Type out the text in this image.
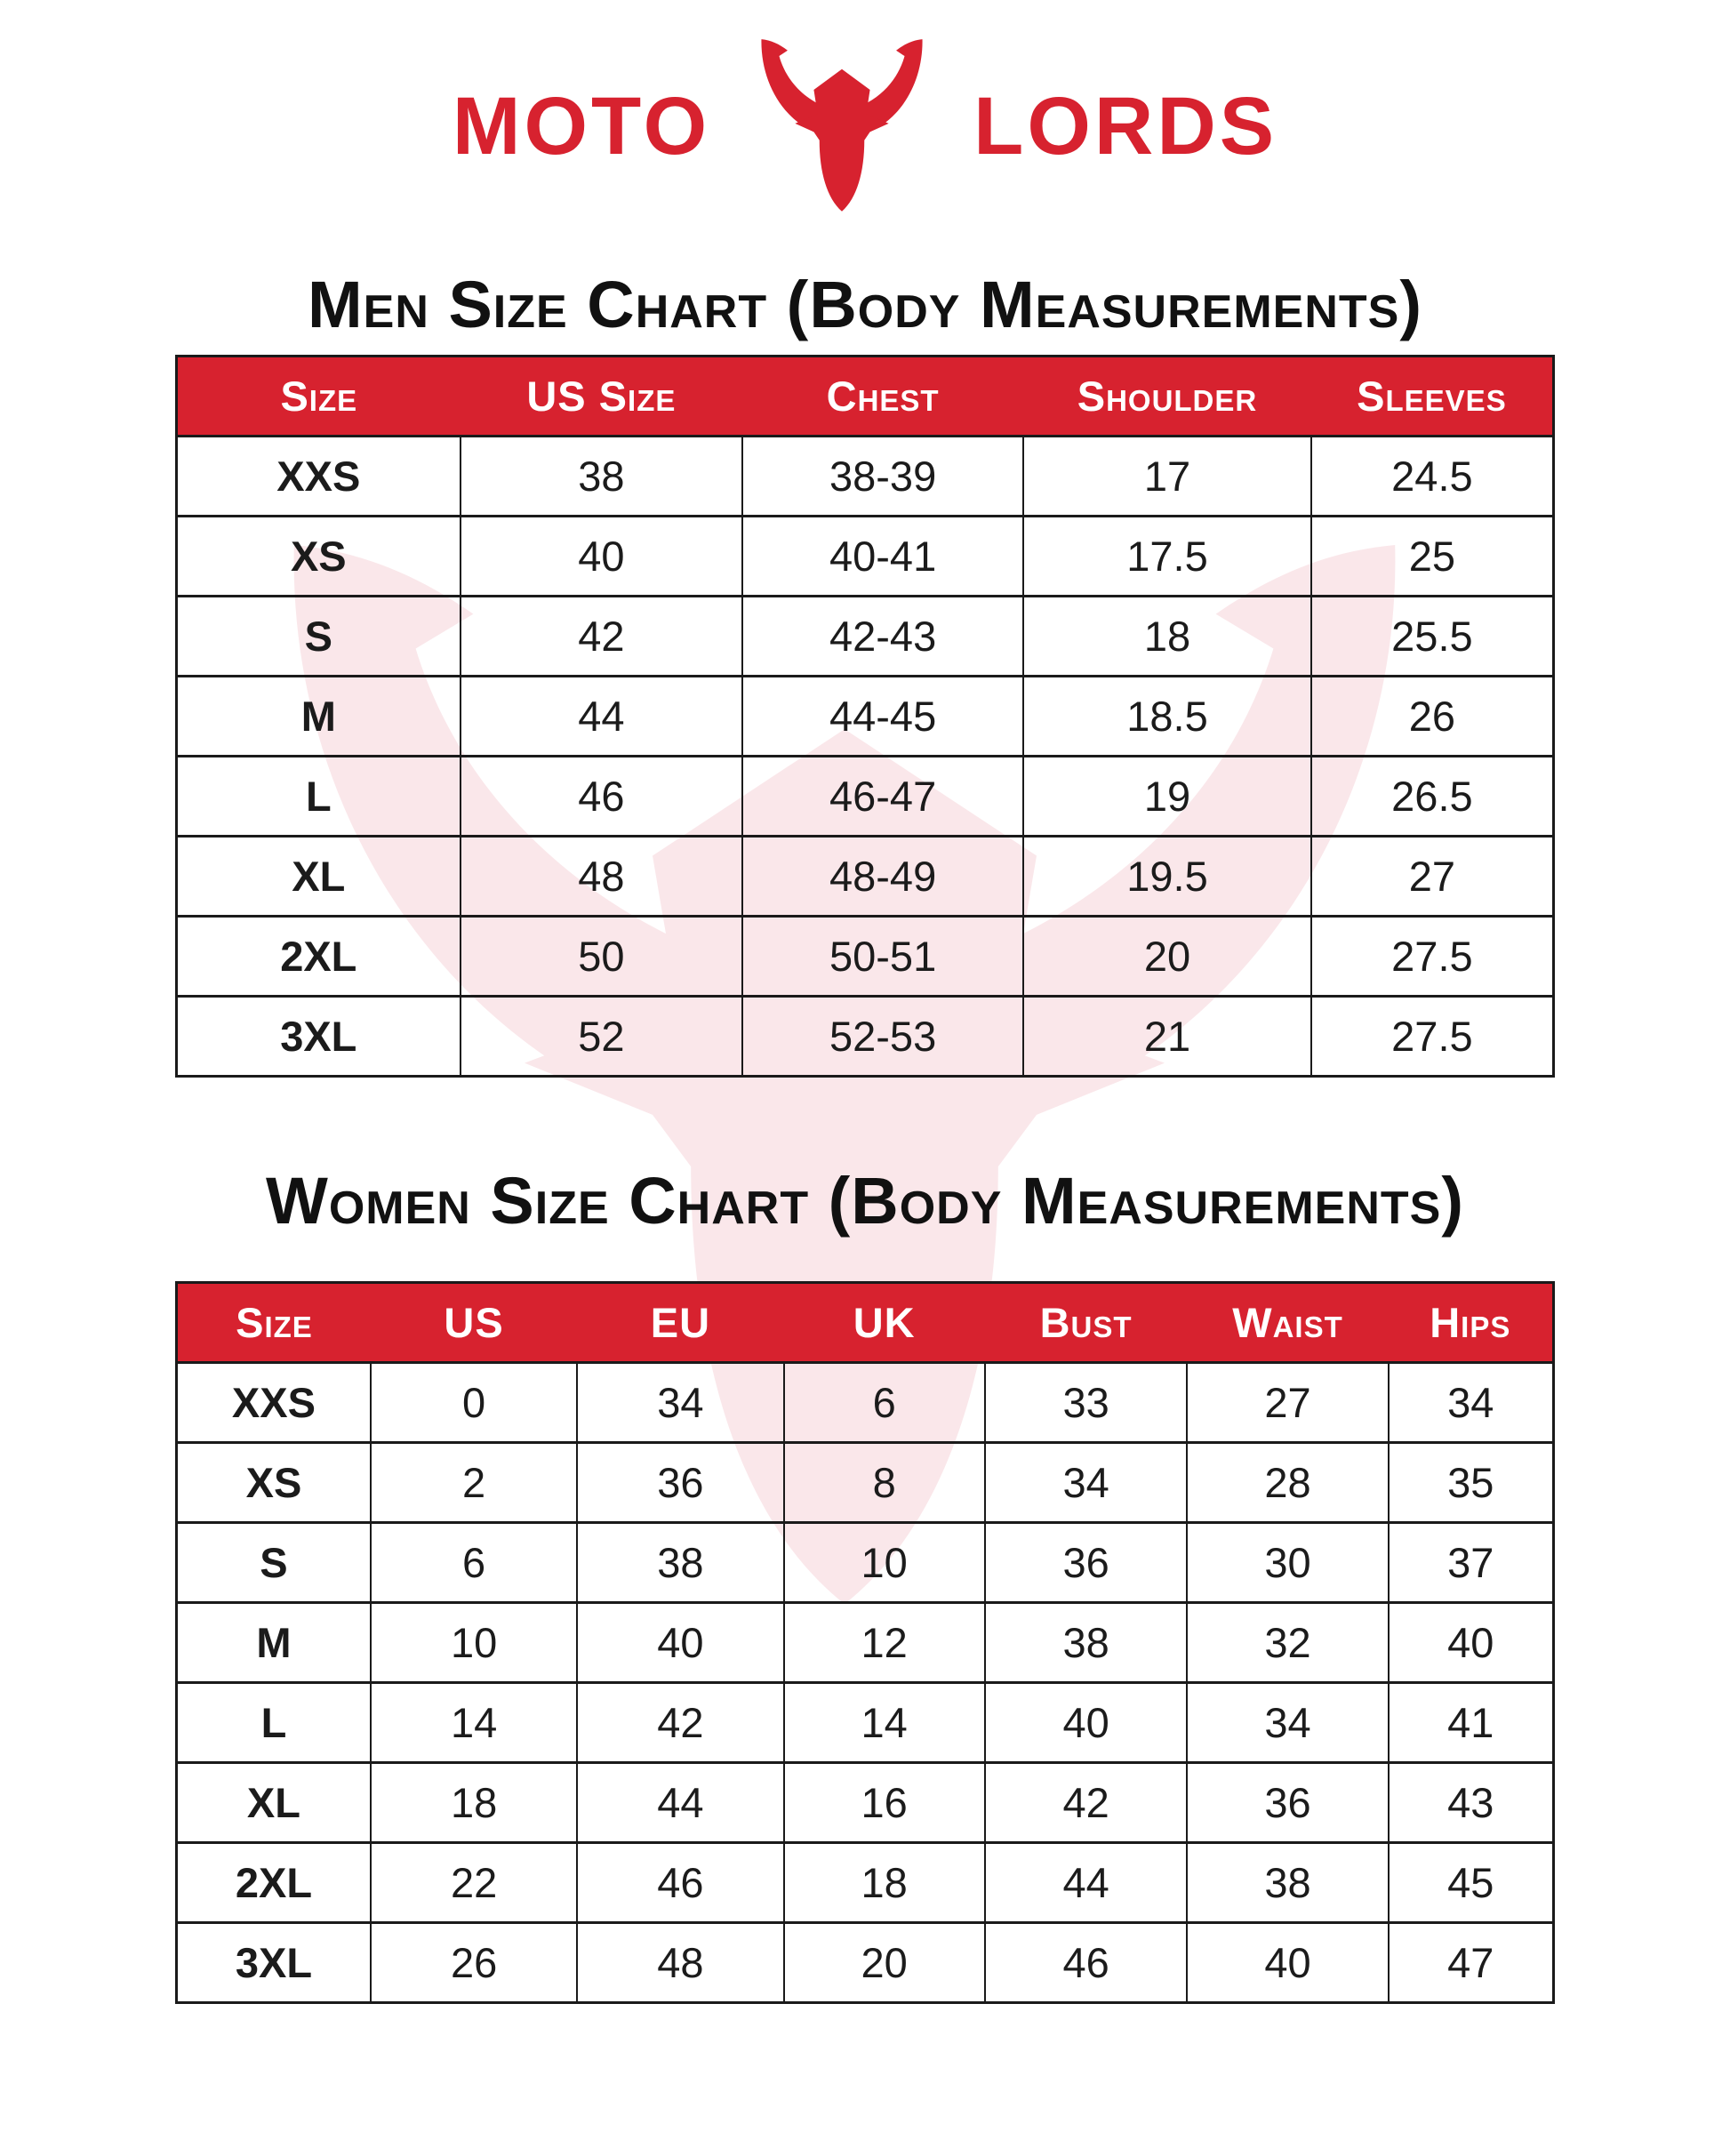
MOTO	LORDS
Men Size Chart (Body Measurements)
Size	US Size	Chest	Shoulder	Sleeves
XXS	38	38-39	17	24.5
XS	40	40-41	17.5	25
S	42	42-43	18	25.5
M	44	44-45	18.5	26
L	46	46-47	19	26.5
XL	48	48-49	19.5	27
2XL	50	50-51	20	27.5
3XL	52	52-53	21	27.5
Women Size Chart (Body Measurements)
Size	US	EU	UK	Bust	Waist	Hips
XXS	0	34	6	33	27	34
XS	2	36	8	34	28	35
S	6	38	10	36	30	37
M	10	40	12	38	32	40
L	14	42	14	40	34	41
XL	18	44	16	42	36	43
2XL	22	46	18	44	38	45
3XL	26	48	20	46	40	47
